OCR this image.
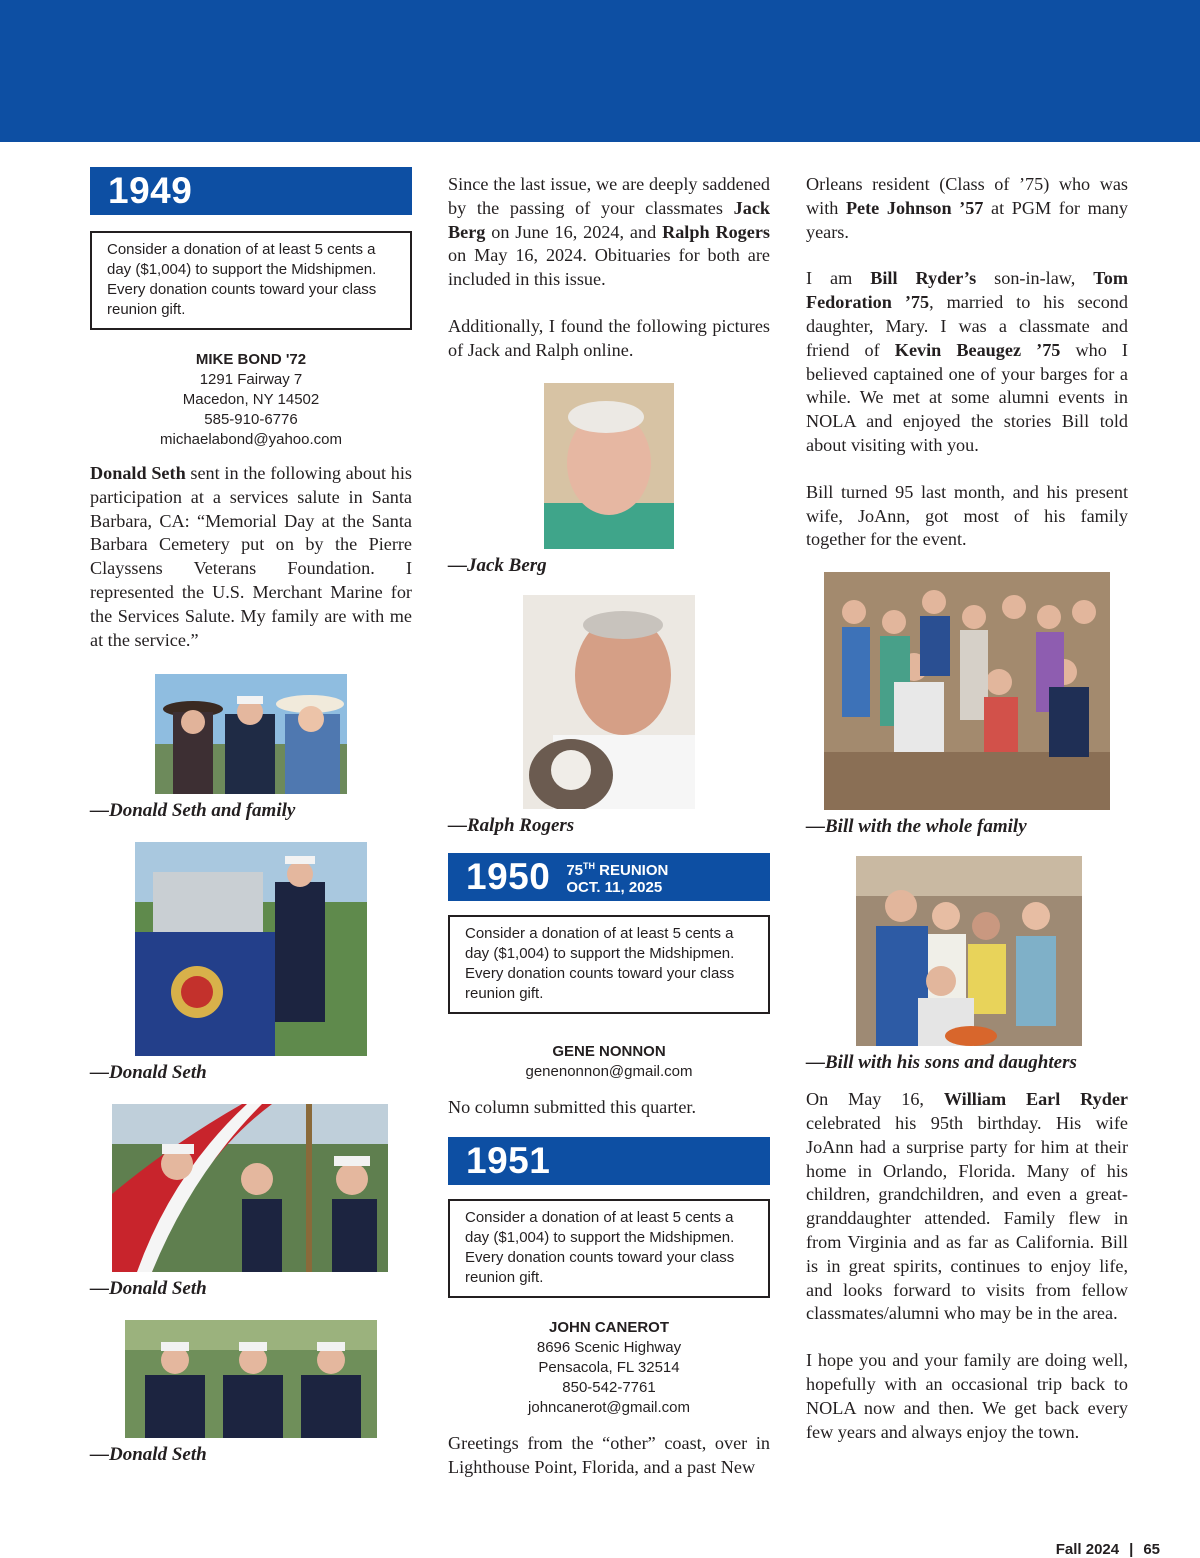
1949
Consider a donation of at least 5 cents a day ($1,004) to support the Midshipmen. Every donation counts toward your class reunion gift.
MIKE BOND '72
1291 Fairway 7
Macedon, NY 14502
585-910-6776
michaelabond@yahoo.com

Donald Seth sent in the following about his participation at a services salute in Santa Barbara, CA: “Memorial Day at the Santa Barbara Cemetery put on by the Pierre Clayssens Veterans Foundation. I represented the U.S. Merchant Marine for the Services Salute. My family are with me at the service.”

—Donald Seth and family
—Donald Seth
—Donald Seth
—Donald Seth

Since the last issue, we are deeply saddened by the passing of your classmates Jack Berg on June 16, 2024, and Ralph Rogers on May 16, 2024. Obituaries for both are included in this issue.

Additionally, I found the following pictures of Jack and Ralph online.

—Jack Berg
—Ralph Rogers
1950 75TH REUNION
OCT. 11, 2025
Consider a donation of at least 5 cents a day ($1,004) to support the Midshipmen. Every donation counts toward your class reunion gift.
GENE NONNON
genenonnon@gmail.com

No column submitted this quarter.

1951
Consider a donation of at least 5 cents a day ($1,004) to support the Midshipmen. Every donation counts toward your class reunion gift.
JOHN CANEROT
8696 Scenic Highway
Pensacola, FL 32514
850-542-7761
johncanerot@gmail.com

Greetings from the “other” coast, over in Lighthouse Point, Florida, and a past New

Orleans resident (Class of ’75) who was with Pete Johnson ’57 at PGM for many years.

I am Bill Ryder’s son-in-law, Tom Fedoration ’75, married to his second daughter, Mary. I was a classmate and friend of Kevin Beaugez ’75 who I believed captained one of your barges for a while. We met at some alumni events in NOLA and enjoyed the stories Bill told about visiting with you.

Bill turned 95 last month, and his present wife, JoAnn, got most of his family together for the event.

—Bill with the whole family
—Bill with his sons and daughters

On May 16, William Earl Ryder celebrated his 95th birthday. His wife JoAnn had a surprise party for him at their home in Orlando, Florida. Many of his children, grandchildren, and even a great-granddaughter attended. Family flew in from Virginia and as far as California. Bill is in great spirits, continues to enjoy life, and looks forward to visits from fellow classmates/alumni who may be in the area.

I hope you and your family are doing well, hopefully with an occasional trip back to NOLA now and then. We get back every few years and always enjoy the town.

Fall 2024 | 65
